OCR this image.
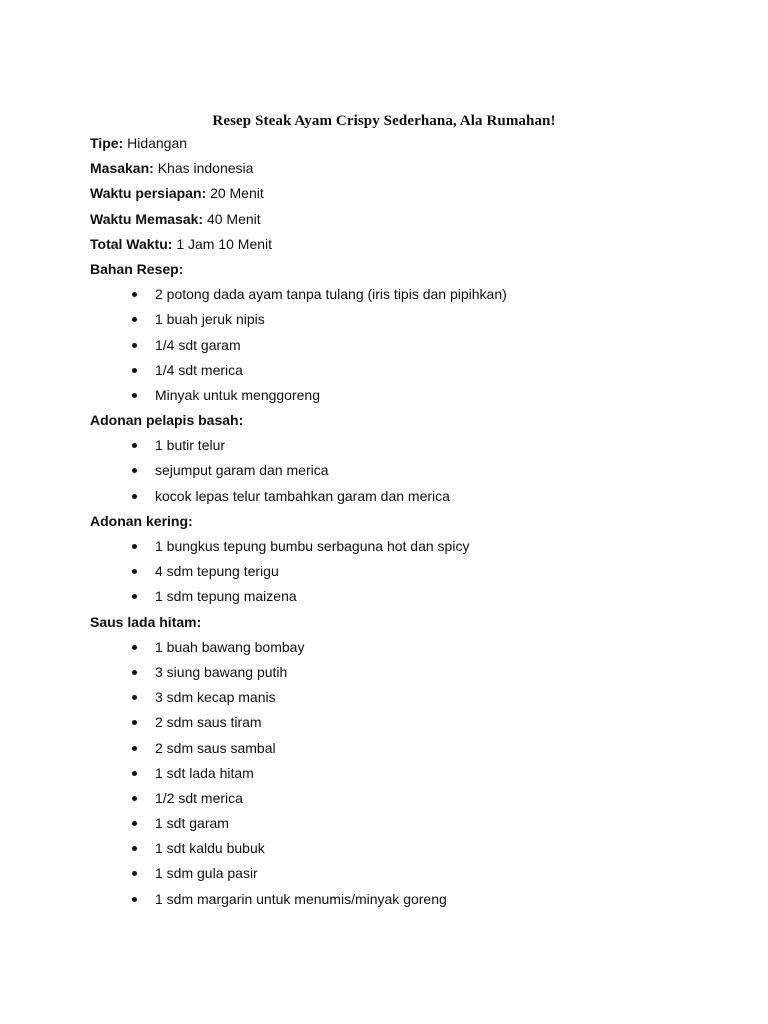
Resep Steak Ayam Crispy Sederhana, Ala Rumahan!
Tipe: Hidangan
Masakan: Khas indonesia
Waktu persiapan: 20 Menit
Waktu Memasak: 40 Menit
Total Waktu: 1 Jam 10 Menit
Bahan Resep:
2 potong dada ayam tanpa tulang (iris tipis dan pipihkan)
1 buah jeruk nipis
1/4 sdt garam
1/4 sdt merica
Minyak untuk menggoreng
Adonan pelapis basah:
1 butir telur
sejumput garam dan merica
kocok lepas telur tambahkan garam dan merica
Adonan kering:
1 bungkus tepung bumbu serbaguna hot dan spicy
4 sdm tepung terigu
1 sdm tepung maizena
Saus lada hitam:
1 buah bawang bombay
3 siung bawang putih
3 sdm kecap manis
2 sdm saus tiram
2 sdm saus sambal
1 sdt lada hitam
1/2 sdt merica
1 sdt garam
1 sdt kaldu bubuk
1 sdm gula pasir
1 sdm margarin untuk menumis/minyak goreng
